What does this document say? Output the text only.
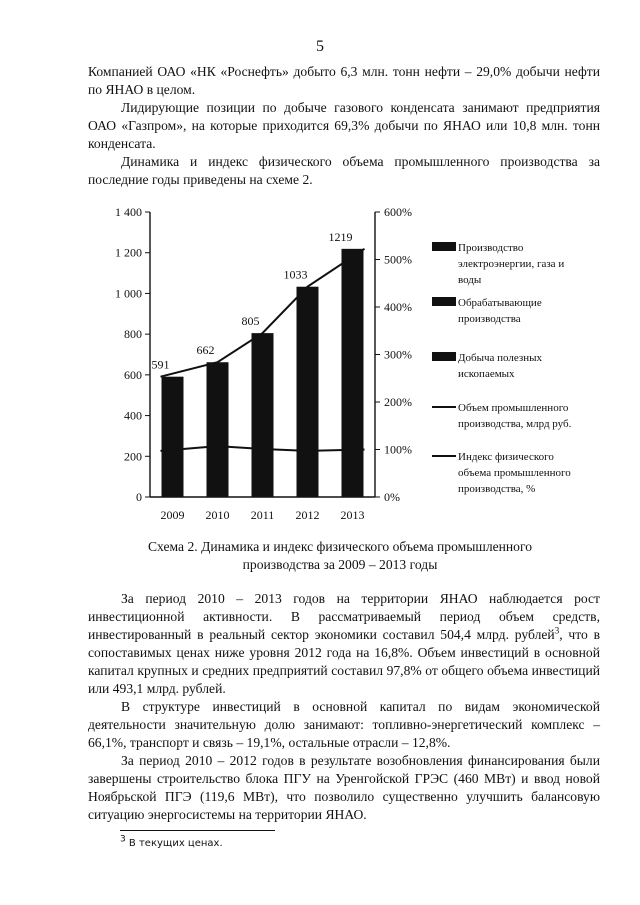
5

Компанией ОАО «НК «Роснефть» добыто 6,3 млн. тонн нефти – 29,0% добычи нефти по ЯНАО в целом.

Лидирующие позиции по добыче газового конденсата занимают предприятия ОАО «Газпром», на которые приходится 69,3% добычи по ЯНАО или 10,8 млн. тонн конденсата.

Динамика и индекс физического объема промышленного производства за последние годы приведены на схеме 2.

0
200
400
600
800
1 000
1 200
1 400
0%
100%
200%
300%
400%
500%
600%
591
662
805
1033
1219
2009 2010 2011 2012 2013
Производство
электроэнергии, газа и
воды
Обрабатывающие
производства
Добыча полезных
ископаемых
Объем промышленного
производства, млрд руб.
Индекс физического
объема промышленного
производства, %
Схема 2. Динамика и индекс физического объема промышленного
производства за 2009 – 2013 годы

За период 2010 – 2013 годов на территории ЯНАО наблюдается рост инвестиционной активности. В рассматриваемый период объем средств, инвестированный в реальный сектор экономики составил 504,4 млрд. рублей$^3$, что в сопоставимых ценах ниже уровня 2012 года на 16,8%. Объем инвестиций в основной капитал крупных и средних предприятий составил 97,8% от общего объема инвестиций или 493,1 млрд. рублей.

В структуре инвестиций в основной капитал по видам экономической деятельности значительную долю занимают: топливно-энергетический комплекс – 66,1%, транспорт и связь – 19,1%, остальные отрасли – 12,8%.

За период 2010 – 2012 годов в результате возобновления финансирования были завершены строительство блока ПГУ на Уренгойской ГРЭС (460 МВт) и ввод новой Ноябрьской ПГЭ (119,6 МВт), что позволило существенно улучшить балансовую ситуацию энергосистемы на территории ЯНАО.

$^3$ В текущих ценах.
